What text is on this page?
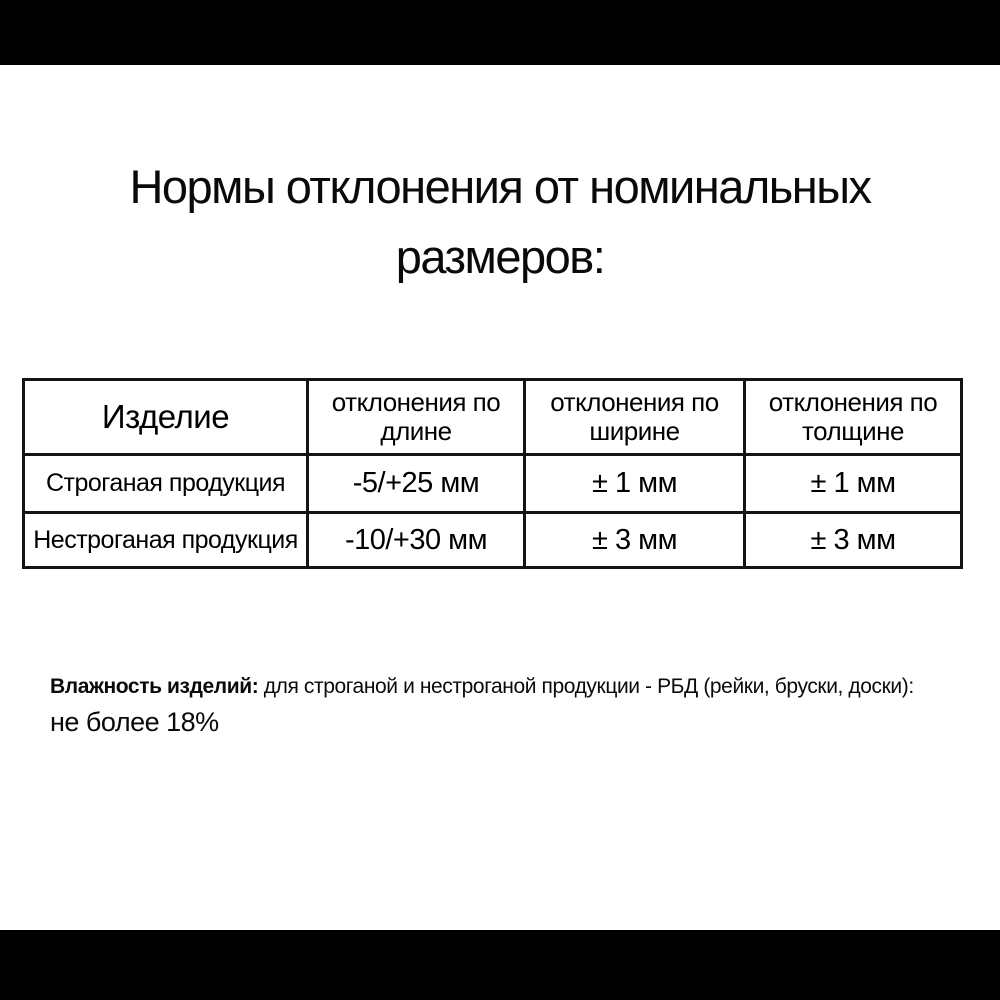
Нормы отклонения от номинальных
размеров:
Изделие	отклонения по длине	отклонения по ширине	отклонения по толщине
Строганая продукция	-5/+25 мм	± 1 мм	± 1 мм
Нестроганая продукция	-10/+30 мм	± 3 мм	± 3 мм
Влажность изделий: для строганой и нестроганой продукции - РБД (рейки, бруски, доски):
не более 18%
